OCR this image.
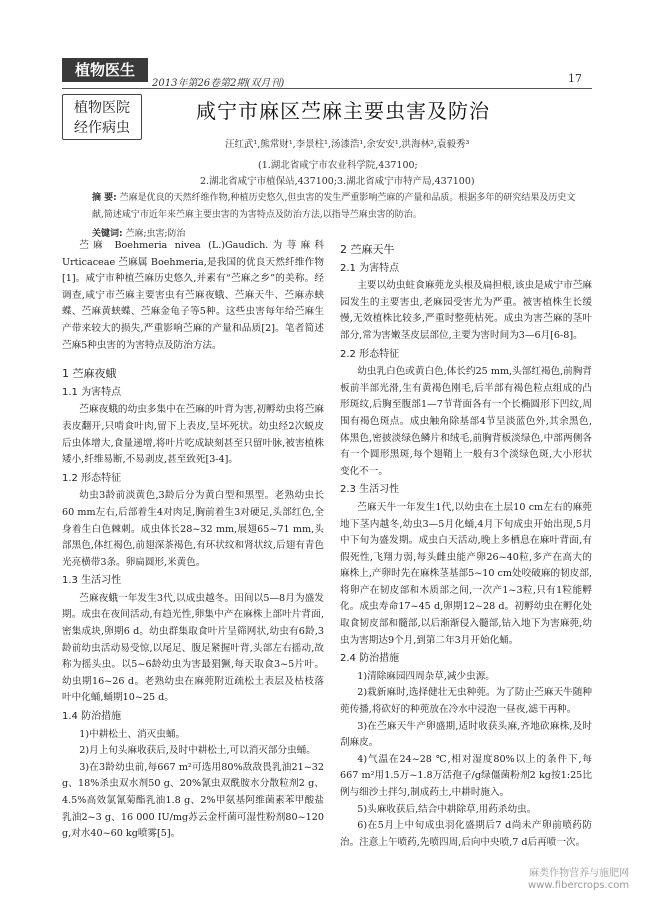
植物医生
2013年第26卷第2期(双月刊)	17
植物医院
经作病虫
咸宁市麻区苎麻主要虫害及防治
汪红武¹,熊常财¹,李景柱¹,汤漆浩¹,余安安¹,洪海林²,袁毅秀³
(1.湖北省咸宁市农业科学院,437100;
2.湖北省咸宁市植保站,437100;3.湖北省咸宁市特产局,437100)
摘 要: 苎麻是优良的天然纤维作物,种植历史悠久,但虫害的发生严重影响苎麻的产量和品质。根据多年的研究结果及历史文献,简述咸宁市近年来苎麻主要虫害的为害特点及防治方法,以指导苎麻虫害的防治。
关键词: 苎麻;虫害;防治

苎麻 Boehmeria nivea (L.)Gaudich.为荨麻科 Urticaceae 苎麻属 Boehmeria,是我国的优良天然纤维作物[1]。咸宁市种植苎麻历史悠久,并素有“苎麻之乡”的美称。经调查,咸宁市苎麻主要害虫有苎麻夜蛾、苎麻天牛、苎麻赤蛱蝶、苎麻黄蛱蝶、苎麻金龟子等5种。这些虫害每年给苎麻生产带来较大的损失,严重影响苎麻的产量和品质[2]。笔者简述苎麻5种虫害的为害特点及防治方法。

1 苎麻夜蛾
1.1 为害特点

苎麻夜蛾的幼虫多集中在苎麻的叶背为害,初孵幼虫将苎麻表皮翻开,只啃食叶肉,留下上表皮,呈坏死状。幼虫经2次蜕皮后虫体增大,食量递增,将叶片吃成缺刻甚至只留叶脉,被害植株矮小,纤维易断,不易剥皮,甚至致死[3-4]。

1.2 形态特征

幼虫3龄前淡黄色,3龄后分为黄白型和黑型。老熟幼虫长60 mm左右,后部着生4对肉足,胸前着生3对硬足,头部红色,全身着生白色棘刺。成虫体长28~32 mm,展翅65~71 mm,头部黑色,体红褐色,前翅深茶褐色,有环状纹和肾状纹,后翅有青色光亮横带3条。卵扁圆形,米黄色。

1.3 生活习性

苎麻夜蛾一年发生3代,以成虫越冬。田间以5—8月为盛发期。成虫在夜间活动,有趋光性,卵集中产在麻株上部叶片背面,密集成块,卵期6 d。幼虫群集取食叶片呈筛网状,幼虫有6龄,3龄前幼虫活动易受惊,以尾足、腹足紧握叶背,头部左右摇动,故称为摇头虫。以5~6龄幼虫为害最猖獗,每天取食3~5片叶。幼虫期16~26 d。老熟幼虫在麻蔸附近疏松土表层及枯枝落叶中化蛹,蛹期10~25 d。

1.4 防治措施

1)中耕松土、消灭虫蛹。

2)月上旬头麻收获后,及时中耕松土,可以消灭部分虫蛹。

3)在3龄幼虫前,每667 m²可选用80%敌敌畏乳油21~32 g、18%杀虫双水剂50 g、20%氰虫双酰胺水分散粒剂2 g、4.5%高效氯氰菊酯乳油1.8 g、2%甲氨基阿维菌素苯甲酸盐乳油2~3 g、16 000 IU/mg苏云金杆菌可湿性粉剂80~120 g,对水40~60 kg喷雾[5]。

2 苎麻天牛
2.1 为害特点

主要以幼虫蛀食麻蔸龙头根及扁担根,该虫是咸宁市苎麻园发生的主要害虫,老麻园受害尤为严重。被害植株生长缓慢,无效植株比较多,严重时整蔸枯死。成虫为害苎麻的茎叶部分,常为害嫩茎皮层部位,主要为害时间为3—6月[6-8]。

2.2 形态特征

幼虫乳白色或黄白色,体长约25 mm,头部红褐色,前胸背板前半部光滑,生有黄褐色刚毛,后半部有褐色粒点组成的凸形斑纹,后胸至腹部1—7节背面各有一个长椭圆形下凹纹,周围有褐色斑点。成虫触角除基部4节呈淡蓝色外,其余黑色,体黑色,密披淡绿色鳞片和绒毛,前胸背板淡绿色,中部两侧各有一个圆形黑斑,每个翅鞘上一般有3个淡绿色斑,大小形状变化不一。

2.3 生活习性

苎麻天牛一年发生1代,以幼虫在土层10 cm左右的麻蔸地下茎内越冬,幼虫3—5月化蛹,4月下旬成虫开始出现,5月中下旬为盛发期。成虫白天活动,晚上多栖息在麻叶背面,有假死性,飞翔力弱,每头雌虫能产卵26~40粒,多产在高大的麻株上,产卵时先在麻株茎基部5~10 cm处咬破麻的韧皮部,将卵产在韧皮部和木质部之间,一次产1~3粒,只有1粒能孵化。成虫寿命17~45 d,卵期12~28 d。初孵幼虫在孵化处取食韧皮部和髓部,以后渐渐侵入髓部,钻入地下为害麻蔸,幼虫为害期达9个月,到第二年3月开始化蛹。

2.4 防治措施

1)清除麻园四周杂草,减少虫源。

2)栽新麻时,选择健壮无虫种蔸。为了防止苎麻天牛随种蔸传播,将砍好的种蔸放在冷水中浸泡一昼夜,滤干再种。

3)在苎麻天牛产卵盛期,适时收获头麻,齐地砍麻株,及时刮麻皮。

4)气温在24~28 ℃,相对湿度80%以上的条件下,每667 m²用1.5万~1.8万活孢子/g绿僵菌粉剂2 kg按1:25比例与细沙土拌匀,制成药土,中耕时施入。

5)头麻收获后,结合中耕除草,用药杀幼虫。

6)在5月上中旬成虫羽化盛期后7 d尚未产卵前喷药防治。注意上午喷药,先喷四周,后向中央喷,7 d后再喷一次。

麻类作物营养与施肥网
www.fibercrops.com
